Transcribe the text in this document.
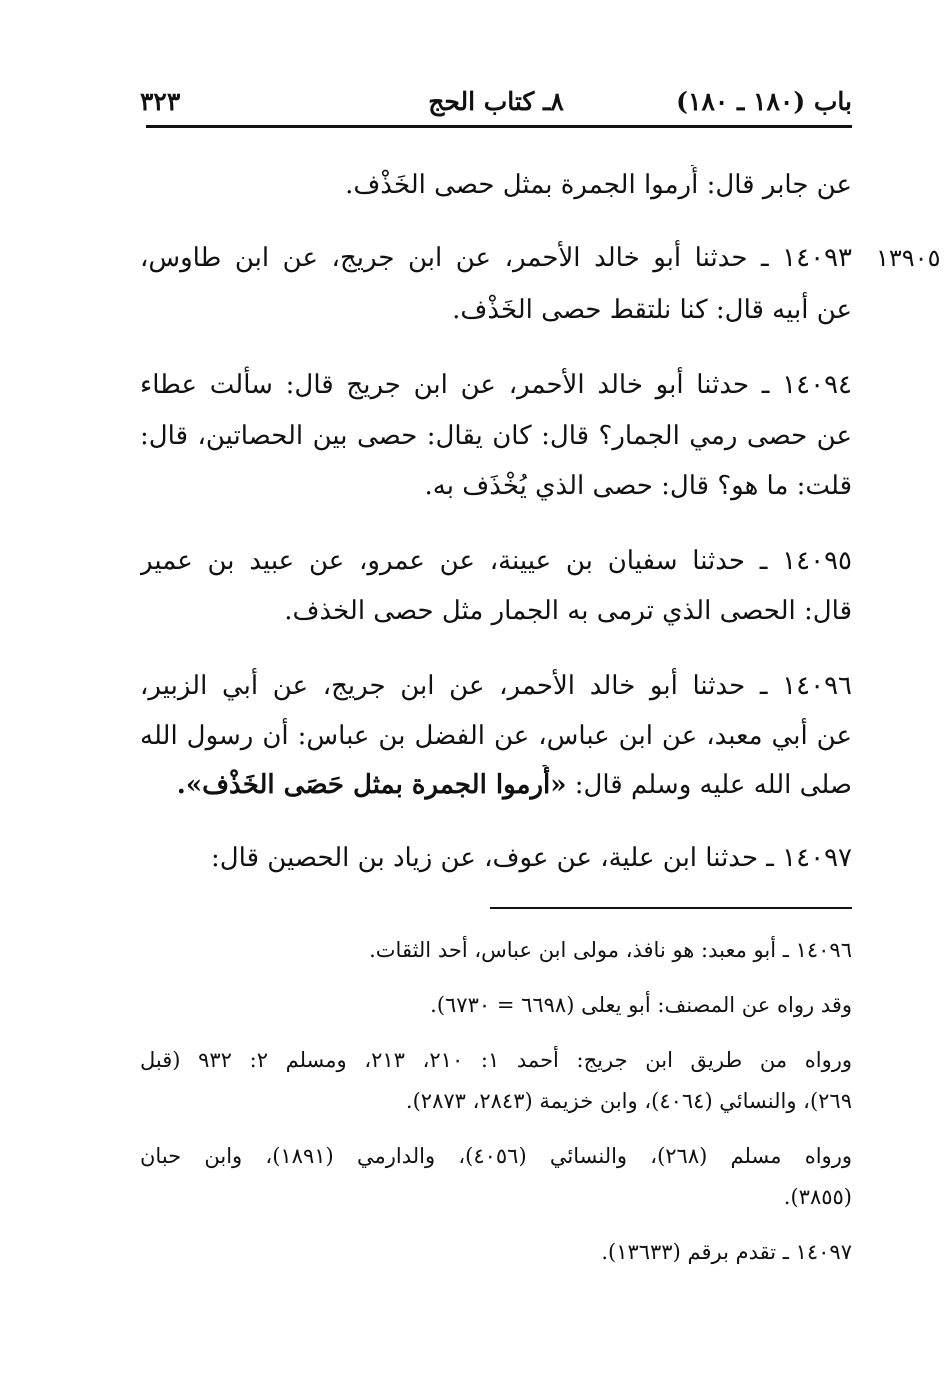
باب (١٨٠ ـ ١٨٠)
٨ـ كتاب الحج
٣٢٣
١٣٩٠٥
عن جابر قال: أُرموا الجمرة بمثل حصى الخَذْف.
١٤٠٩٣ ـ حدثنا أبو خالد الأحمر، عن ابن جريج، عن ابن طاوس،
عن أبيه قال: كنا نلتقط حصى الخَذْف.
١٤٠٩٤ ـ حدثنا أبو خالد الأحمر، عن ابن جريج قال: سألت عطاء
عن حصى رمي الجمار؟ قال: كان يقال: حصى بين الحصاتين، قال:
قلت: ما هو؟ قال: حصى الذي يُخْذَف به.
١٤٠٩٥ ـ حدثنا سفيان بن عيينة، عن عمرو، عن عبيد بن عمير
قال: الحصى الذي ترمى به الجمار مثل حصى الخذف.
١٤٠٩٦ ـ حدثنا أبو خالد الأحمر، عن ابن جريج، عن أبي الزبير،
عن أبي معبد، عن ابن عباس، عن الفضل بن عباس: أن رسول الله
صلى الله عليه وسلم قال: «أُرموا الجمرة بمثل حَصَى الخَذْف».
١٤٠٩٧ ـ حدثنا ابن علية، عن عوف، عن زياد بن الحصين قال:
١٤٠٩٦ ـ أبو معبد: هو نافذ، مولى ابن عباس، أحد الثقات.
وقد رواه عن المصنف: أبو يعلى (٦٦٩٨ = ٦٧٣٠).
ورواه من طريق ابن جريج: أحمد ١: ٢١٠، ٢١٣، ومسلم ٢: ٩٣٢ (قبل
٢٦٩)، والنسائي (٤٠٦٤)، وابن خزيمة (٢٨٤٣، ٢٨٧٣).
ورواه مسلم (٢٦٨)، والنسائي (٤٠٥٦)، والدارمي (١٨٩١)، وابن حبان
(٣٨٥٥).
١٤٠٩٧ ـ تقدم برقم (١٣٦٣٣).
